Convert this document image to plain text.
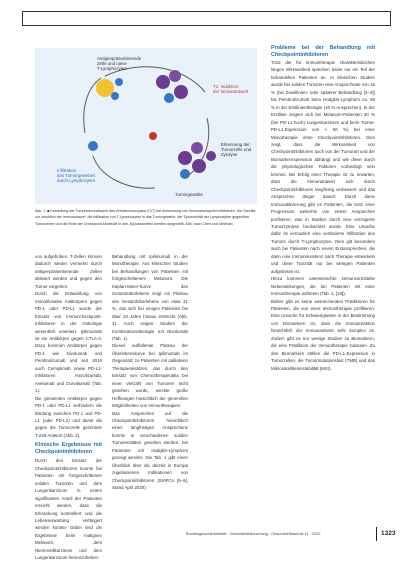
Antigenpräsentierende
Zelle und naive
T-Lymphozyten
T1: Induktion
der Immunantwort
Erkennung der
Tumorzelle und
Zytolyse
Infiltration
des Tumorgewebes
durch Lymphozyten
Tumorgewebe
Abb. 1 ◀ Darstellung der Tumorimmunabwehr des Krebsimmunzyklus (CIT) bei Anwendung von Immuncheckpoint-Inhibitoren. Die Schritte zur Induktion der Immunantwort, die Infiltration von T-Lymphozyten in das Tumorgewebe, der Zytotoxizität der Lymphozyten gegenüber Tumorzellen und die Rolle der Checkpoint-Moleküle in den Zyklusschritten werden dargestellt. Abb. nach Chen und Mellman

von aufgehoben. T-Zellen können dadurch wieder vermehrt durch antigenpräsentierende Zellen aktiviert werden und gegen den Tumor vorgehen.

Durch die Entwicklung von monoklonalen Antikörpern gegen PD-1 oder PD-L1 wurde der Einsatz von Immuncheckpoint-Inhibitoren in der Onkologie wesentlich erweitert. Ipilimumab ist ein Antikörper gegen CTLA-4. Dazu kommen Antikörper gegen PD-1 wie Nivolumab und Pembrolizumab und seit 2018 auch Cemiplimab sowie PD-L1-Inhibitoren Atezolizumab, Avelumab und Durvalumab (Tab. 1).

Die genannten Antikörper gegen PD-1 oder PD-L1 verhindern die Bindung zwischen PD-1 und PD-L1 (oder PD-L2) und damit die gegen die Tumorzelle gerichtete T-Zell-Antwort (Abb. 2).

Klinische Ergebnisse mit Checkpointinhibitoren

Durch den Einsatz der Checkpointinhibitoren konnte bei Patienten mit fortgeschrittenen soliden Tumoren und dem Lungenkarzinom in einem signifikanten Anteil der Patienten erreicht werden, dass die Erkrankung kontrolliert und die Lebenserwartung verlängert werden konnte. Dabei sind die Ergebnisse beim malignen Melanom, dem Nierenzellkarzinom und dem Lungenkarzinom hervorzuheben.

Behandlung mit Ipilimumab in der Monotherapie. Aus klinischen Studien bei Behandlungen von Patienten mit fortgeschrittenem Melanom. Die Kaplan-Meier-Kurve des Gesamtüberlebens zeigt ein Plateau des Gesamtüberlebens von etwa 21 %, das sich bei einigen Patienten bis über 10 Jahre hinaus erstreckt (Abb. 3). Auch zeigen Studien der Kombinationstherapie mit Nivolumab (Tab. 1).

Dieses auffallende Plateau der Überlebenskurve bei Ipilimumab im Gegensatz zu Patienten mit palliativen Therapieansätzen, das durch den Einsatz von Chemotherapeutika bei einer Vielzahl von Tumoren nicht gesehen wurde, weckte große Hoffnungen hinsichtlich der generellen Möglichkeiten von Immuntherapien.

Das Ansprechen auf die Checkpointinhibitoren hinsichtlich eines langfristigen Ansprechens konnte in verschiedenen soliden Tumorentitäten gesehen werden, bei Patienten mit Hodgkin-Lymphom gezeigt werden. Die Tab. 1 gibt einen Überblick über die derzeit in Europa zugelassenen Indikationen von Checkpointinhibitoren (SmPCs [5–9], Stand April 2020).

Probleme bei der Behandlung mit Checkpointinhibitoren

Trotz der für Immuntherapie charakteristischen langen Wirksamkeit sprechen leider nur ein Teil der behandelten Patienten an. In klinischen Studien wurde bei soliden Tumoren eine Ansprechrate von 15 % (bei Zweitlinien- oder späterer Behandlung [2–4]) bis Pembrolizumab beim Hodgkin-Lymphom ca. 69 % in der Erstlinientherapie (40 % Ansprechen). In der Erstlinie zeigten sich bei Melanom-Patienten 40 % (bei PD-L1-hoch) Lungenkarzinom und beim Tumor-PD-L1-Expression von > 50 %) bei einer Monotherapie ohne Checkpointinhibitoren. Dies zeigt, dass die Wirksamkeit von Checkpointinhibitoren auch von der Tumorart und der Biomarkerexpression abhängt und wie diese durch die physiologischen Faktoren vorbedingt sein können. Bei Erfolg einer Therapie ist zu erwarten, dass die Immunantwort sich durch Checkpointinhibitoren langfristig verbessert und das Ansprechen länger dauert. Durch diese Immunaktivierung gibt es Patienten, die trotz einer Progression weiterhin von einem Ansprechen profitieren, was in Studien durch eine verzögerte Tumorzytolyse beobachtet wurde. Eine Ursache dafür ist vermutlich eine veränderte Infiltration des Tumors durch T-Lymphozyten. Dies gilt besonders auch bei Patienten nach einem Erstansprechen, die dann eine Immunresistenz nach Therapie entwickeln und diese Toxizität nur bei wenigen Patienten aufgetreten ist.

Hinzu kommen unerwünschte immunvermittelte Nebenwirkungen, die bei Patienten mit einer Immuntherapie auftreten (Tab. 1, [10]).

Bisher gibt es keine ausreichenden Prädiktoren für Patienten, die von einer Immuntherapie profitieren. Eine Ursache für Schwierigkeiten in der Bestimmung von Biomarkern ist, dass die Immunreaktion hinsichtlich der Immunantwort sehr komplex ist. Zudem gibt es nur wenige Studien zu Biomarkern, die eine Prädiktion der Immuntherapie zulassen. Zu den Biomarkern zählen die PD-L1-Expression in Tumorzellen, die Tumormutationslast (TMB) und das Mikrosatelliteninstabilität (MSI).

Bundesgesundheitsblatt - Gesundheitsforschung - Gesundheitsschutz 11 · 2020	1323
